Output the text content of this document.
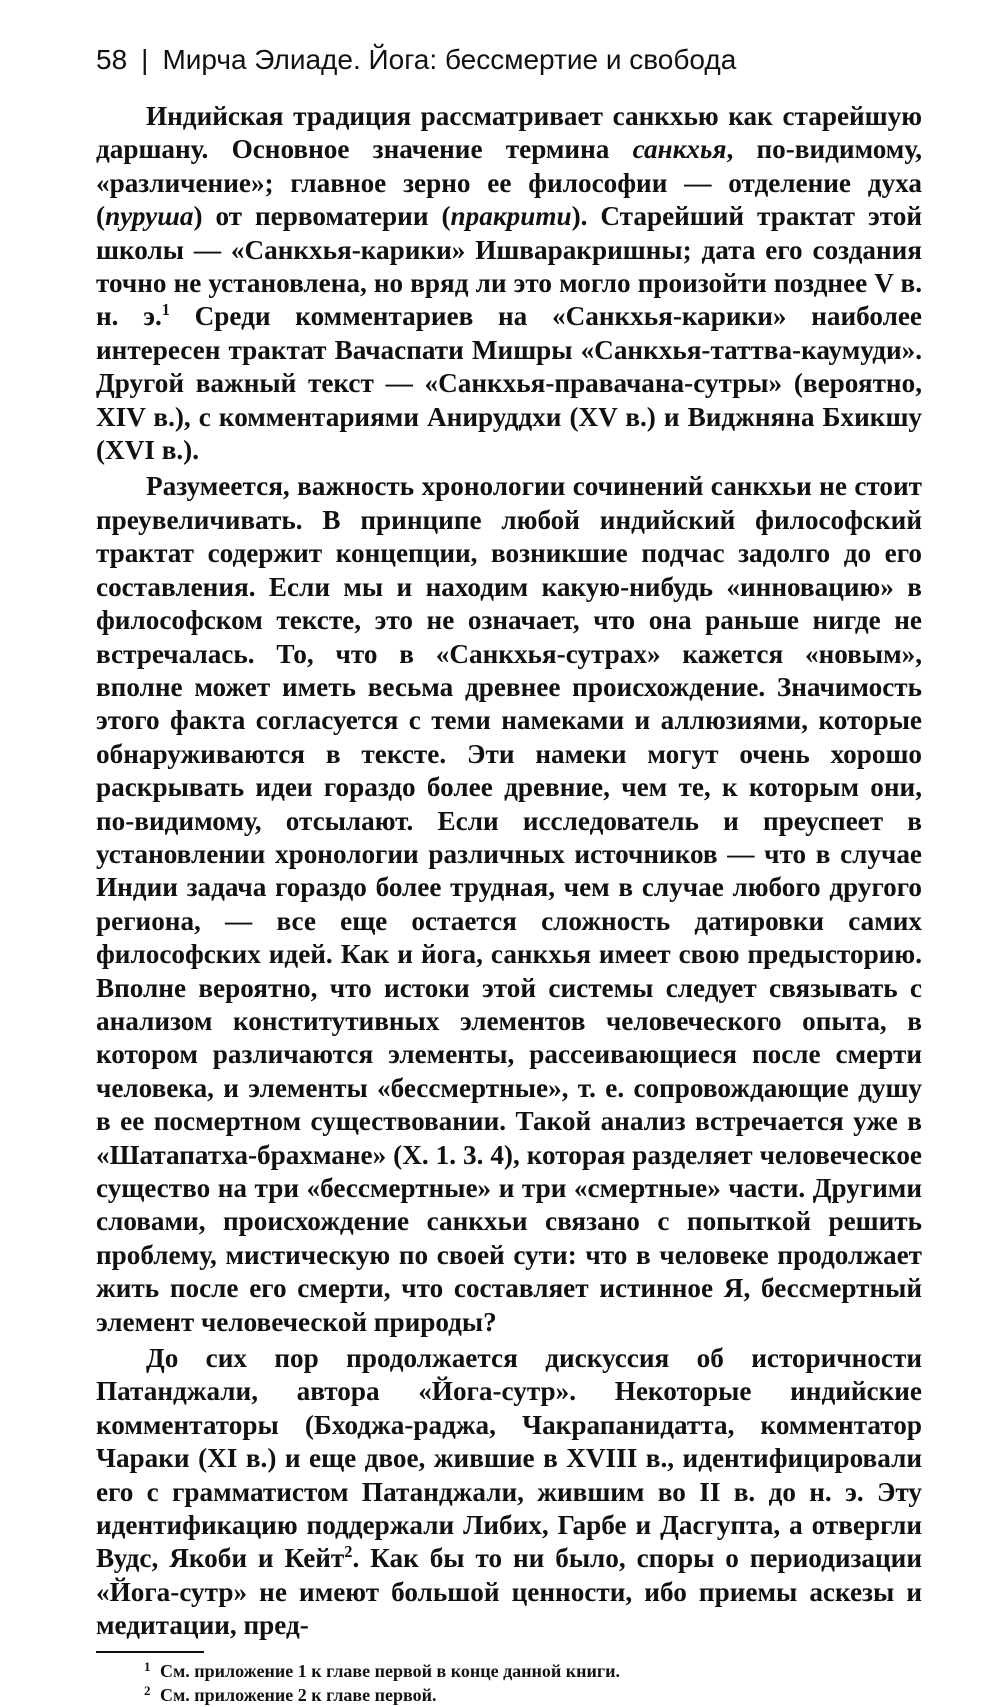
58 | Мирча Элиаде. Йога: бессмертие и свобода

Индийская традиция рассматривает санкхью как старейшую даршану. Основное значение термина санкхья, по-видимому, «различение»; главное зерно ее философии — отделение духа (пуруша) от первоматерии (пракрити). Старейший трактат этой школы — «Санкхья-карики» Ишваракришны; дата его создания точно не установлена, но вряд ли это могло произойти позднее V в. н. э.$^1$ Среди комментариев на «Санкхья-карики» наиболее интересен трактат Вачаспати Мишры «Санкхья-таттва-каумуди». Другой важный текст — «Санкхья-правачана-сутры» (вероятно, XIV в.), с комментариями Анируддхи (XV в.) и Виджняна Бхикшу (XVI в.).

Разумеется, важность хронологии сочинений санкхьи не стоит преувеличивать. В принципе любой индийский философский трактат содержит концепции, возникшие подчас задолго до его составления. Если мы и находим какую-нибудь «инновацию» в философском тексте, это не означает, что она раньше нигде не встречалась. То, что в «Санкхья-сутрах» кажется «новым», вполне может иметь весьма древнее происхождение. Значимость этого факта согласуется с теми намеками и аллюзиями, которые обнаруживаются в тексте. Эти намеки могут очень хорошо раскрывать идеи гораздо более древние, чем те, к которым они, по-видимому, отсылают. Если исследователь и преуспеет в установлении хронологии различных источников — что в случае Индии задача гораздо более трудная, чем в случае любого другого региона, — все еще остается сложность датировки самих философских идей. Как и йога, санкхья имеет свою предысторию. Вполне вероятно, что истоки этой системы следует связывать с анализом конститутивных элементов человеческого опыта, в котором различаются элементы, рассеивающиеся после смерти человека, и элементы «бессмертные», т. е. сопровождающие душу в ее посмертном существовании. Такой анализ встречается уже в «Шатапатха-брахмане» (X. 1. 3. 4), которая разделяет человеческое существо на три «бессмертные» и три «смертные» части. Другими словами, происхождение санкхьи связано с попыткой решить проблему, мистическую по своей сути: что в человеке продолжает жить после его смерти, что составляет истинное Я, бессмертный элемент человеческой природы?

До сих пор продолжается дискуссия об историчности Патанджали, автора «Йога-сутр». Некоторые индийские комментаторы (Бходжа-раджа, Чакрапанидатта, комментатор Чараки (XI в.) и еще двое, жившие в XVIII в., идентифицировали его с грамматистом Патанджали, жившим во II в. до н. э. Эту идентификацию поддержали Либих, Гарбе и Дасгупта, а отвергли Вудс, Якоби и Кейт$^2$. Как бы то ни было, споры о периодизации «Йога-сутр» не имеют большой ценности, ибо приемы аскезы и медитации, пред-

1 См. приложение 1 к главе первой в конце данной книги.
2 См. приложение 2 к главе первой.
